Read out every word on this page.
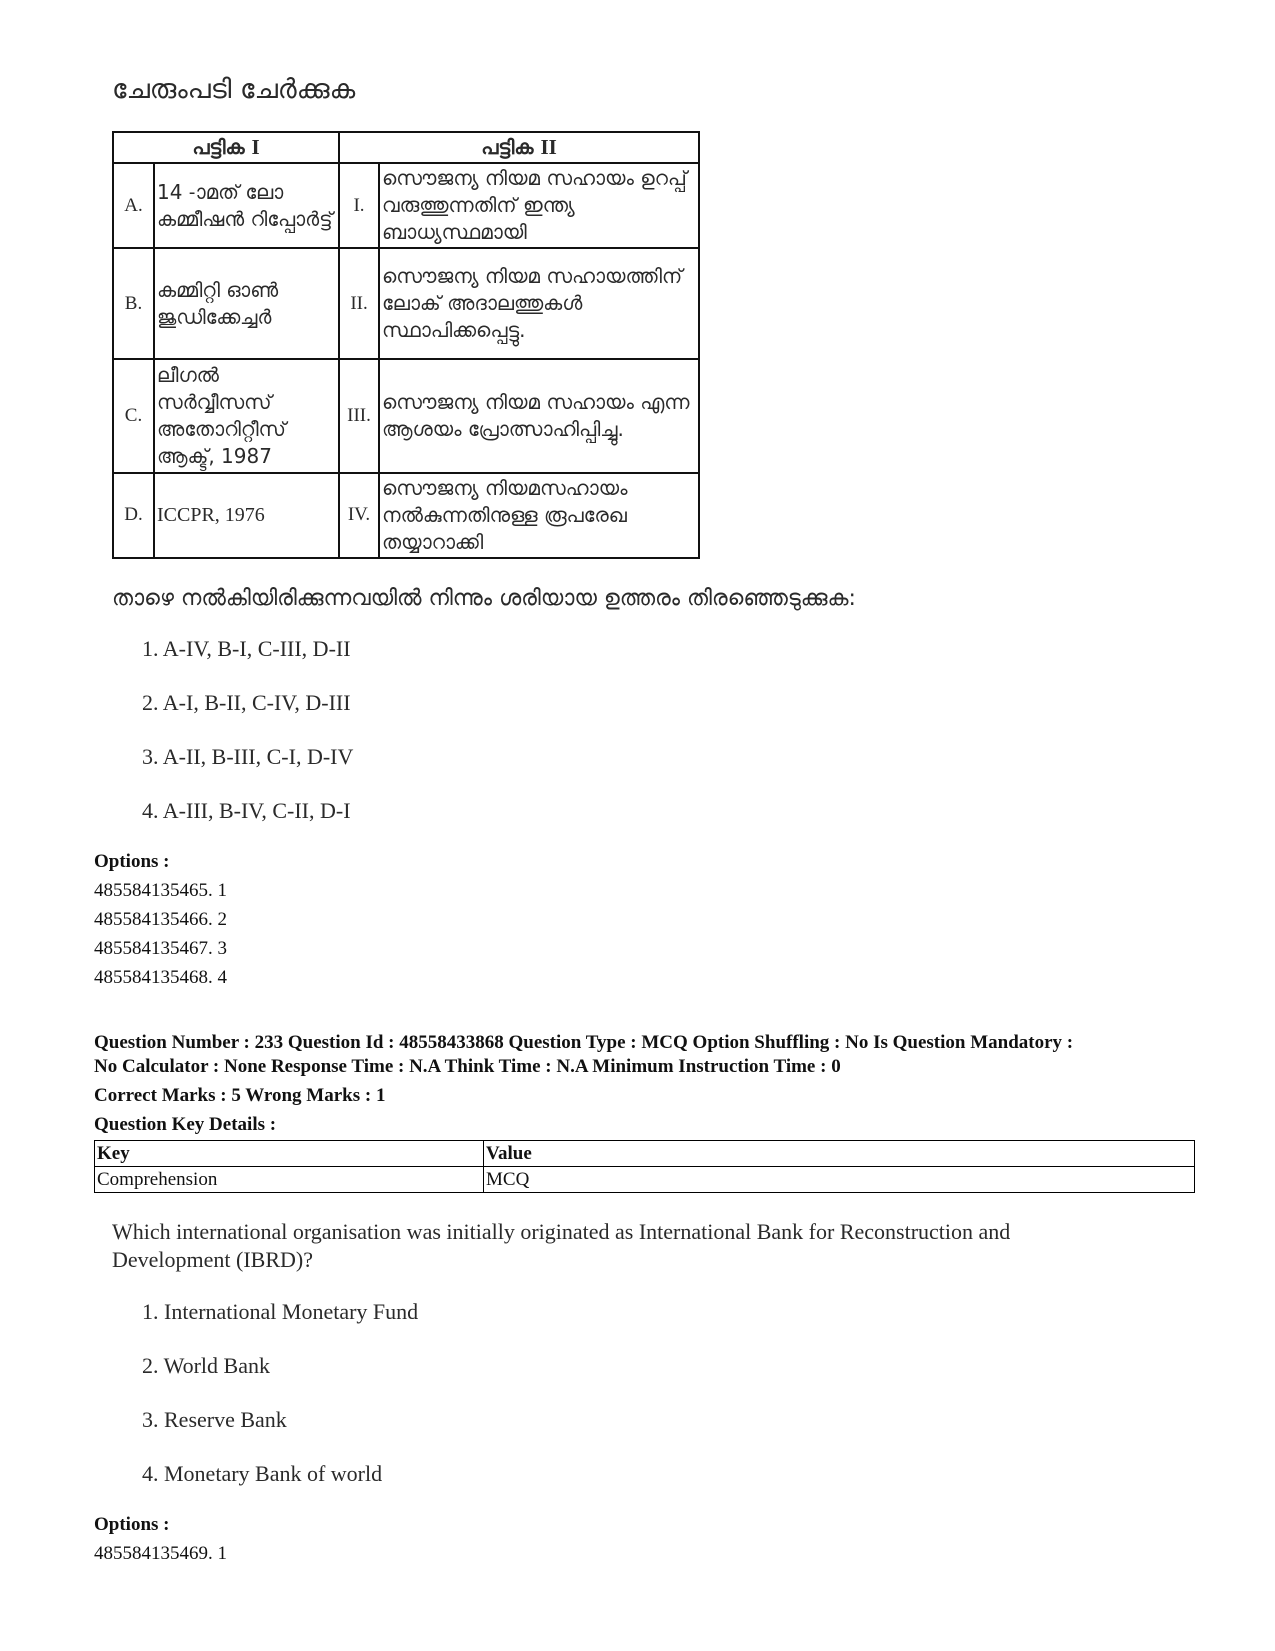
ചേരുംപടി ചേർക്കുക
പട്ടിക I		പട്ടിക II	
A.	14 -ാമത് ലോ കമ്മീഷൻ റിപ്പോർട്ട്	I.	സൌജന്യ നിയമ സഹായം ഉറപ്പ് വരുത്തുന്നതിന് ഇന്ത്യ ബാധ്യസ്ഥമായി
B.	കമ്മിറ്റി ഓൺ ജുഡിക്കേച്ചർ	II.	സൌജന്യ നിയമ സഹായത്തിന് ലോക് അദാലത്തുകൾ സ്ഥാപിക്കപ്പെട്ടു.
C.	ലീഗൽ സർവ്വീസസ് അതോറിറ്റീസ് ആക്ട്, 1987	III.	സൌജന്യ നിയമ സഹായം എന്ന ആശയം പ്രോത്സാഹിപ്പിച്ചു.
D.	ICCPR, 1976	IV.	സൌജന്യ നിയമസഹായം നൽകുന്നതിനുള്ള രൂപരേഖ തയ്യാറാക്കി
താഴെ നൽകിയിരിക്കുന്നവയിൽ നിന്നും ശരിയായ ഉത്തരം തിരഞ്ഞെടുക്കുക:
1. A-IV, B-I, C-III, D-II
2. A-I, B-II, C-IV, D-III
3. A-II, B-III, C-I, D-IV
4. A-III, B-IV, C-II, D-I
Options :
485584135465. 1
485584135466. 2
485584135467. 3
485584135468. 4
Question Number : 233 Question Id : 48558433868 Question Type : MCQ Option Shuffling : No Is Question Mandatory :
No Calculator : None Response Time : N.A Think Time : N.A Minimum Instruction Time : 0
Correct Marks : 5 Wrong Marks : 1
Question Key Details :
Key	Value
Comprehension	MCQ
Which international organisation was initially originated as International Bank for Reconstruction and Development (IBRD)?
1. International Monetary Fund
2. World Bank
3. Reserve Bank
4. Monetary Bank of world
Options :
485584135469. 1
